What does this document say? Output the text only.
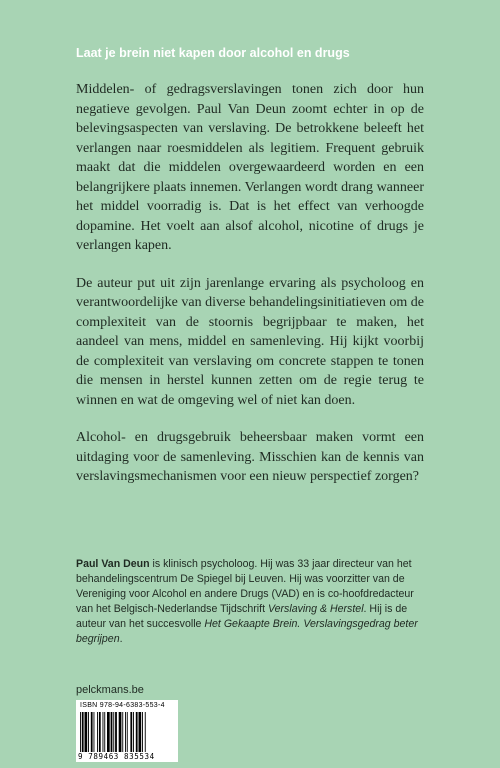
Laat je brein niet kapen door alcohol en drugs

Middelen- of gedragsverslavingen tonen zich door hun negatieve gevolgen. Paul Van Deun zoomt echter in op de belevingsaspecten van verslaving. De betrokkene beleeft het verlangen naar roesmiddelen als legitiem. Frequent gebruik maakt dat die middelen overgewaardeerd worden en een belangrijkere plaats innemen. Verlangen wordt drang wanneer het middel voorradig is. Dat is het effect van verhoogde dopamine. Het voelt aan alsof alcohol, nicotine of drugs je verlangen kapen.

De auteur put uit zijn jarenlange ervaring als psycholoog en verantwoordelijke van diverse behandelingsinitiatieven om de complexiteit van de stoornis begrijpbaar te maken, het aandeel van mens, middel en samenleving. Hij kijkt voorbij de complexiteit van verslaving om concrete stappen te tonen die mensen in herstel kunnen zetten om de regie terug te winnen en wat de omgeving wel of niet kan doen.

Alcohol- en drugsgebruik beheersbaar maken vormt een uitdaging voor de samenleving. Misschien kan de kennis van verslavingsmechanismen voor een nieuw perspectief zorgen?

Paul Van Deun is klinisch psycholoog. Hij was 33 jaar directeur van het behandelingscentrum De Spiegel bij Leuven. Hij was voorzitter van de Vereniging voor Alcohol en andere Drugs (VAD) en is co-hoofdredacteur van het Belgisch-Nederlandse Tijdschrift Verslaving & Herstel. Hij is de auteur van het succesvolle Het Gekaapte Brein. Verslavingsgedrag beter begrijpen.
pelckmans.be
ISBN 978-94-6383-553-4
9 789463 835534
